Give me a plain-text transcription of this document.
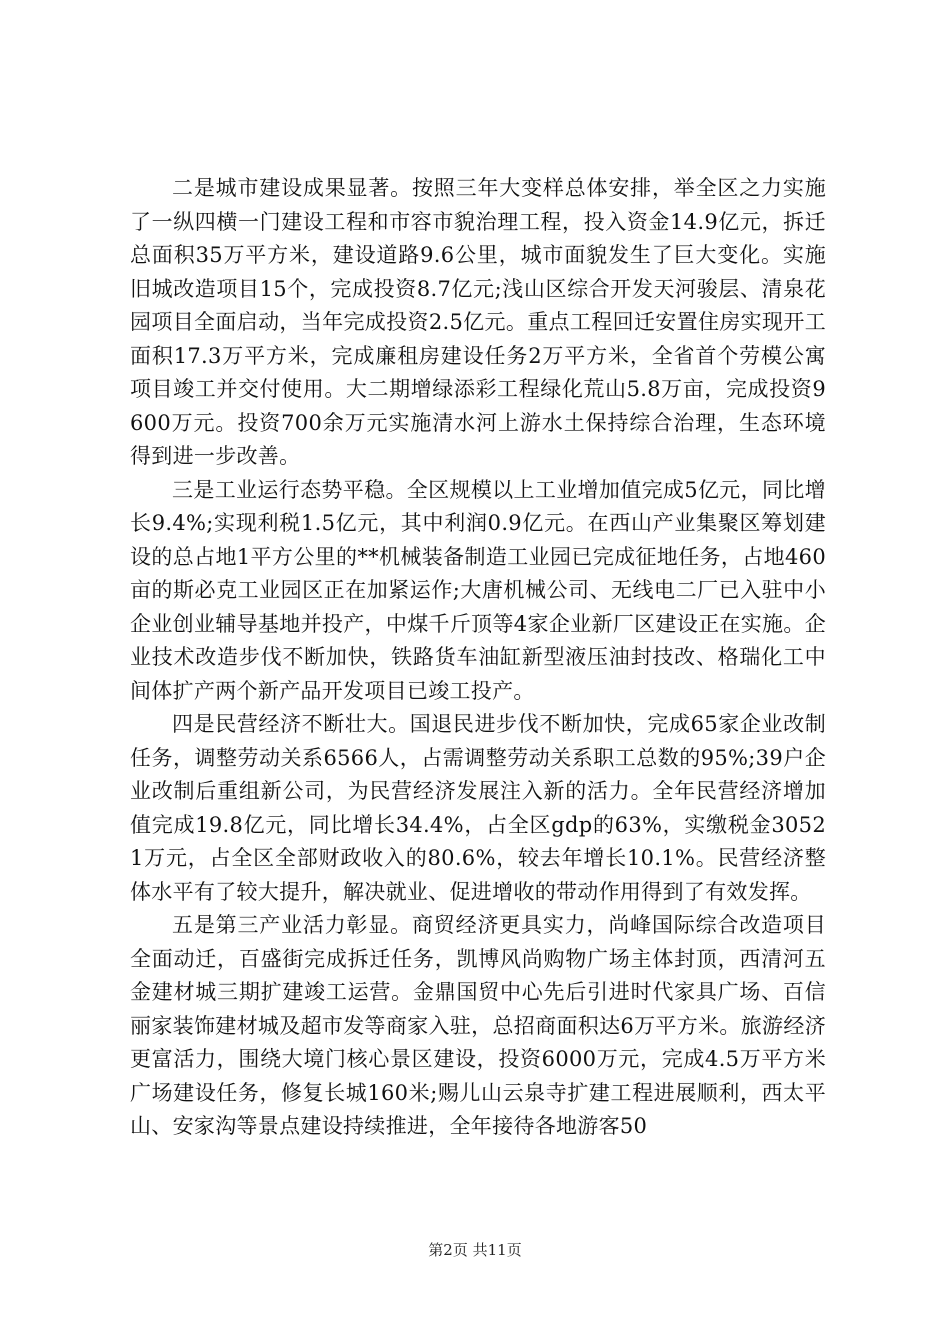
二是城市建设成果显著。按照三年大变样总体安排，举全区之力实施了一纵四横一门建设工程和市容市貌治理工程，投入资金14.9亿元，拆迁总面积35万平方米，建设道路9.6公里，城市面貌发生了巨大变化。实施旧城改造项目15个，完成投资8.7亿元;浅山区综合开发天河骏层、清泉花园项目全面启动，当年完成投资2.5亿元。重点工程回迁安置住房实现开工面积17.3万平方米，完成廉租房建设任务2万平方米，全省首个劳模公寓项目竣工并交付使用。大二期增绿添彩工程绿化荒山5.8万亩，完成投资9600万元。投资700余万元实施清水河上游水土保持综合治理，生态环境得到进一步改善。

三是工业运行态势平稳。全区规模以上工业增加值完成5亿元，同比增长9.4%;实现利税1.5亿元，其中利润0.9亿元。在西山产业集聚区筹划建设的总占地1平方公里的**机械装备制造工业园已完成征地任务，占地460亩的斯必克工业园区正在加紧运作;大唐机械公司、无线电二厂已入驻中小企业创业辅导基地并投产，中煤千斤顶等4家企业新厂区建设正在实施。企业技术改造步伐不断加快，铁路货车油缸新型液压油封技改、格瑞化工中间体扩产两个新产品开发项目已竣工投产。

四是民营经济不断壮大。国退民进步伐不断加快，完成65家企业改制任务，调整劳动关系6566人，占需调整劳动关系职工总数的95%;39户企业改制后重组新公司，为民营经济发展注入新的活力。全年民营经济增加值完成19.8亿元，同比增长34.4%，占全区gdp的63%，实缴税金30521万元，占全区全部财政收入的80.6%，较去年增长10.1%。民营经济整体水平有了较大提升，解决就业、促进增收的带动作用得到了有效发挥。

五是第三产业活力彰显。商贸经济更具实力，尚峰国际综合改造项目全面动迁，百盛街完成拆迁任务，凯博风尚购物广场主体封顶，西清河五金建材城三期扩建竣工运营。金鼎国贸中心先后引进时代家具广场、百信丽家装饰建材城及超市发等商家入驻，总招商面积达6万平方米。旅游经济更富活力，围绕大境门核心景区建设，投资6000万元，完成4.5万平方米广场建设任务，修复长城160米;赐儿山云泉寺扩建工程进展顺利，西太平山、安家沟等景点建设持续推进，全年接待各地游客50

第2页 共11页
